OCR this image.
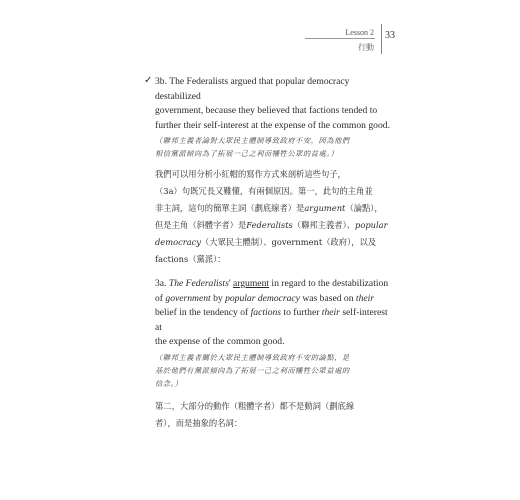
Lesson 2
行動
33
✓ 3b. The Federalists argued that popular democracy destabilized
government, because they believed that factions tended to
further their self-interest at the expense of the common good.
（聯邦主義者論對大眾民主體制導致政府不安，因為他們
相信黨派傾向為了拓展一己之利而犧牲公眾的益處。）
我們可以用分析小紅帽的寫作方式來剖析這些句子，
（3a）句既冗長又難懂，有兩個原因。第一，此句的主角並
非主詞，這句的簡單主詞（劃底線者）是argument（論點），
但是主角（斜體字者）是Federalists（聯邦主義者）、popular
democracy（大眾民主體制）、government（政府），以及
factions（黨派）：
3a. The Federalists' argument in regard to the destabilization
of government by popular democracy was based on their
belief in the tendency of factions to further their self-interest at
the expense of the common good.
（聯邦主義者關於大眾民主體制導致政府不安的論點，是
基於他們有黨派傾向為了拓展一己之利而犧牲公眾益處的
信念。）
第二，大部分的動作（粗體字者）都不是動詞（劃底線
者），而是抽象的名詞：
